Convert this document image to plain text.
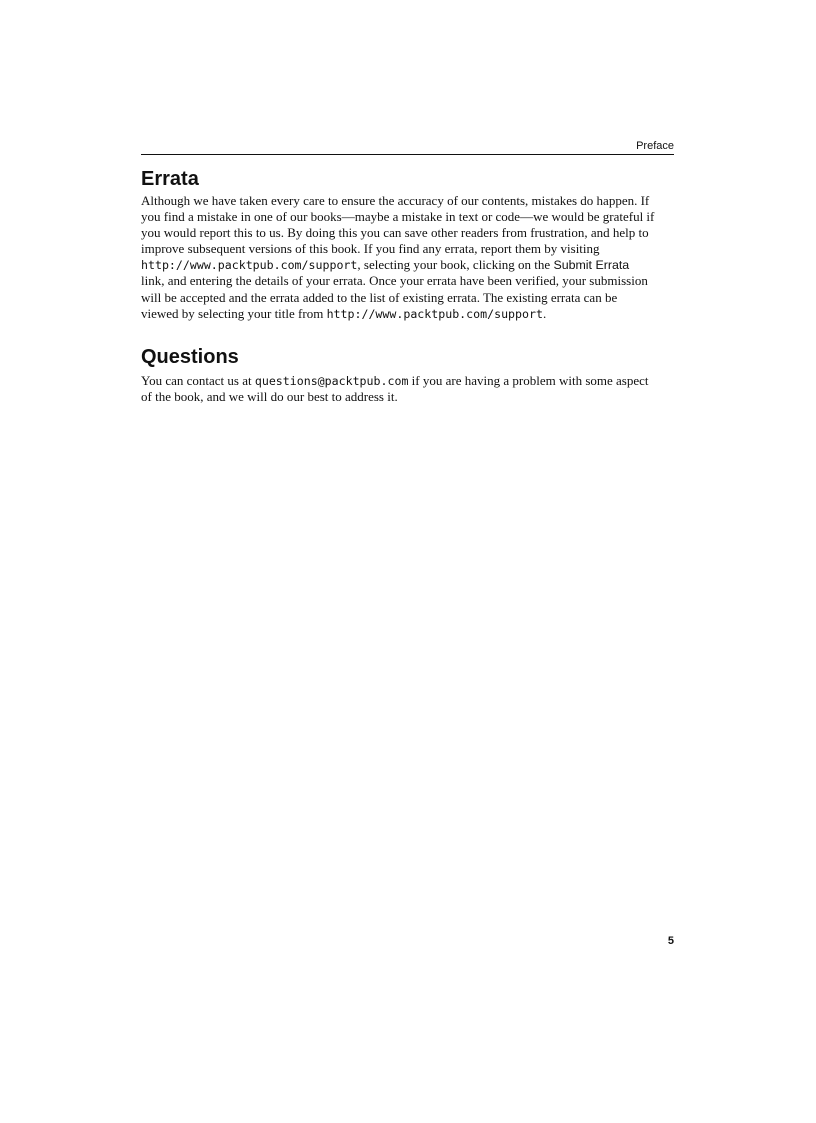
Preface
Errata

Although we have taken every care to ensure the accuracy of our contents, mistakes do happen. If
you find a mistake in one of our books—maybe a mistake in text or code—we would be grateful if
you would report this to us. By doing this you can save other readers from frustration, and help to
improve subsequent versions of this book. If you find any errata, report them by visiting
http://www.packtpub.com/support, selecting your book, clicking on the Submit Errata
link, and entering the details of your errata. Once your errata have been verified, your submission
will be accepted and the errata added to the list of existing errata. The existing errata can be
viewed by selecting your title from http://www.packtpub.com/support.

Questions

You can contact us at questions@packtpub.com if you are having a problem with some aspect
of the book, and we will do our best to address it.

5
